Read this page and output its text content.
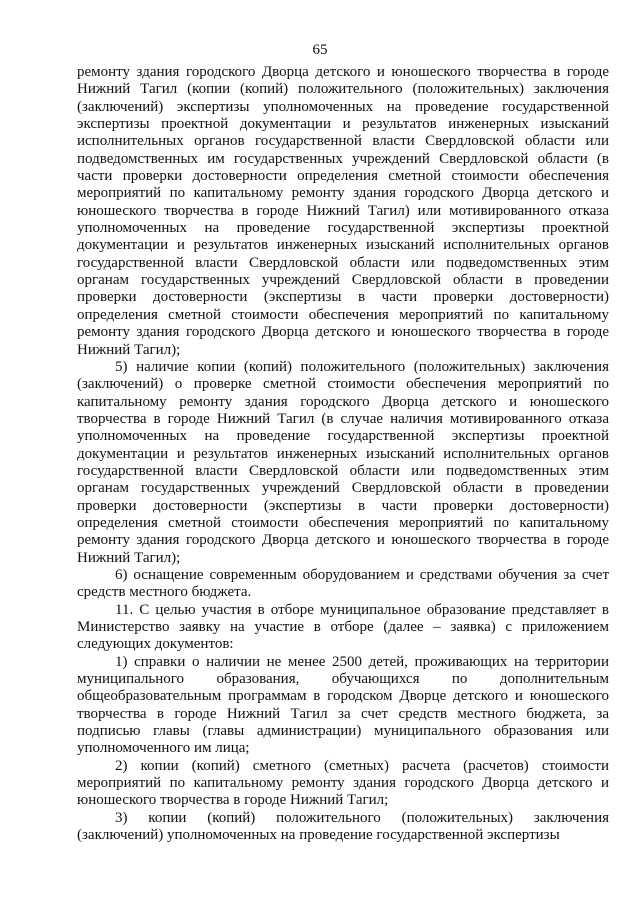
65

ремонту здания городского Дворца детского и юношеского творчества в городе Нижний Тагил (копии (копий) положительного (положительных) заключения (заключений) экспертизы уполномоченных на проведение государственной экспертизы проектной документации и результатов инженерных изысканий исполнительных органов государственной власти Свердловской области или подведомственных им государственных учреждений Свердловской области (в части проверки достоверности определения сметной стоимости обеспечения мероприятий по капитальному ремонту здания городского Дворца детского и юношеского творчества в городе Нижний Тагил) или мотивированного отказа уполномоченных на проведение государственной экспертизы проектной документации и результатов инженерных изысканий исполнительных органов государственной власти Свердловской области или подведомственных этим органам государственных учреждений Свердловской области в проведении проверки достоверности (экспертизы в части проверки достоверности) определения сметной стоимости обеспечения мероприятий по капитальному ремонту здания городского Дворца детского и юношеского творчества в городе Нижний Тагил);

5) наличие копии (копий) положительного (положительных) заключения (заключений) о проверке сметной стоимости обеспечения мероприятий по капитальному ремонту здания городского Дворца детского и юношеского творчества в городе Нижний Тагил (в случае наличия мотивированного отказа уполномоченных на проведение государственной экспертизы проектной документации и результатов инженерных изысканий исполнительных органов государственной власти Свердловской области или подведомственных этим органам государственных учреждений Свердловской области в проведении проверки достоверности (экспертизы в части проверки достоверности) определения сметной стоимости обеспечения мероприятий по капитальному ремонту здания городского Дворца детского и юношеского творчества в городе Нижний Тагил);

6) оснащение современным оборудованием и средствами обучения за счет средств местного бюджета.

11. С целью участия в отборе муниципальное образование представляет в Министерство заявку на участие в отборе (далее – заявка) с приложением следующих документов:

1) справки о наличии не менее 2500 детей, проживающих на территории муниципального образования, обучающихся по дополнительным общеобразовательным программам в городском Дворце детского и юношеского творчества в городе Нижний Тагил за счет средств местного бюджета, за подписью главы (главы администрации) муниципального образования или уполномоченного им лица;

2) копии (копий) сметного (сметных) расчета (расчетов) стоимости мероприятий по капитальному ремонту здания городского Дворца детского и юношеского творчества в городе Нижний Тагил;

3) копии (копий) положительного (положительных) заключения (заключений) уполномоченных на проведение государственной экспертизы
